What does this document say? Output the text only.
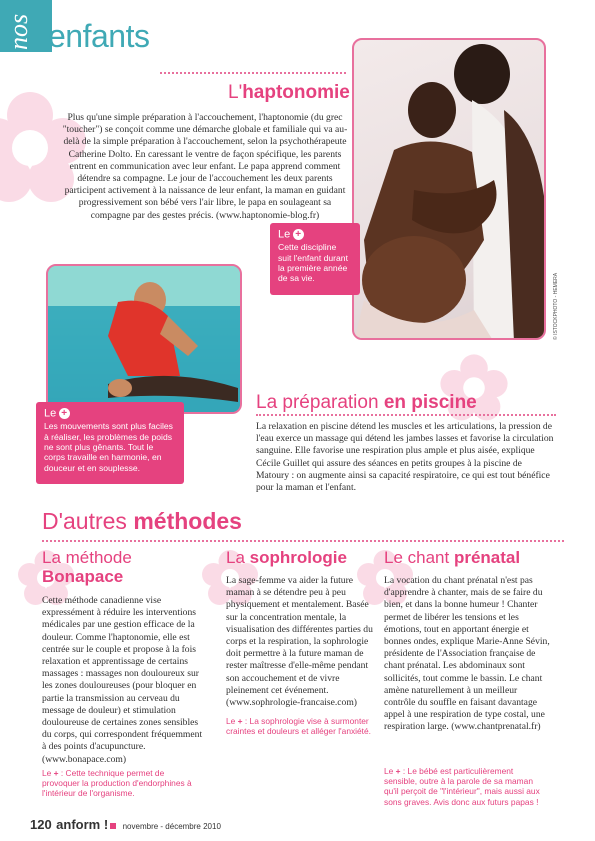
nos enfants
L'haptonomie
Plus qu'une simple préparation à l'accouchement, l'haptonomie (du grec "toucher") se conçoit comme une démarche globale et familiale qui va au-delà de la simple préparation à l'accouchement, selon la psychothérapeute Catherine Dolto. En caressant le ventre de façon spécifique, les parents entrent en communication avec leur enfant. Le papa apprend comment détendre sa compagne. Le jour de l'accouchement les deux parents participent activement à la naissance de leur enfant, la maman en guidant progressivement son bébé vers l'air libre, le papa en soulageant sa compagne par des gestes précis. (www.haptonomie-blog.fr)
© ISTOCKPHOTO - HEMERA
Le +
Cette discipline suit l'enfant durant la première année de sa vie.
Le +
Les mouvements sont plus faciles à réaliser, les problèmes de poids ne sont plus gênants. Tout le corps travaille en harmonie, en douceur et en souplesse.
La préparation en piscine
La relaxation en piscine détend les muscles et les articulations, la pression de l'eau exerce un massage qui détend les jambes lasses et favorise la circulation sanguine. Elle favorise une respiration plus ample et plus aisée, explique Cécile Guillet qui assure des séances en petits groupes à la piscine de Matoury : on augmente ainsi sa capacité respiratoire, ce qui est tout bénéfice pour la maman et l'enfant.
D'autres méthodes
La méthode
Bonapace
Cette méthode canadienne vise expressément à réduire les interventions médicales par une gestion efficace de la douleur. Comme l'haptonomie, elle est centrée sur le couple et propose à la fois relaxation et apprentissage de certains massages : massages non douloureux sur les zones douloureuses (pour bloquer en partie la transmission au cerveau du message de douleur) et stimulation douloureuse de certaines zones sensibles du corps, qui correspondent fréquemment à des points d'acupuncture. (www.bonapace.com)
Le + : Cette technique permet de provoquer la production d'endorphines à l'intérieur de l'organisme.
La sophrologie
La sage-femme va aider la future maman à se détendre peu à peu physiquement et mentalement. Basée sur la concentration mentale, la visualisation des différentes parties du corps et la respiration, la sophrologie doit permettre à la future maman de rester maîtresse d'elle-même pendant son accouchement et de vivre pleinement cet événement. (www.sophrologie-francaise.com)
Le + : La sophrologie vise à surmonter craintes et douleurs et alléger l'anxiété.
Le chant prénatal
La vocation du chant prénatal n'est pas d'apprendre à chanter, mais de se faire du bien, et dans la bonne humeur ! Chanter permet de libérer les tensions et les émotions, tout en apportant énergie et bonnes ondes, explique Marie-Anne Sévin, présidente de l'Association française de chant prénatal. Les abdominaux sont sollicités, tout comme le bassin. Le chant amène naturellement à un meilleur contrôle du souffle en faisant davantage appel à une respiration de type costal, une respiration large. (www.chantprenatal.fr)
Le + : Le bébé est particulièrement sensible, outre à la parole de sa maman qu'il perçoit de "l'intérieur", mais aussi aux sons graves. Avis donc aux futurs papas !
120 anform ! novembre - décembre 2010
